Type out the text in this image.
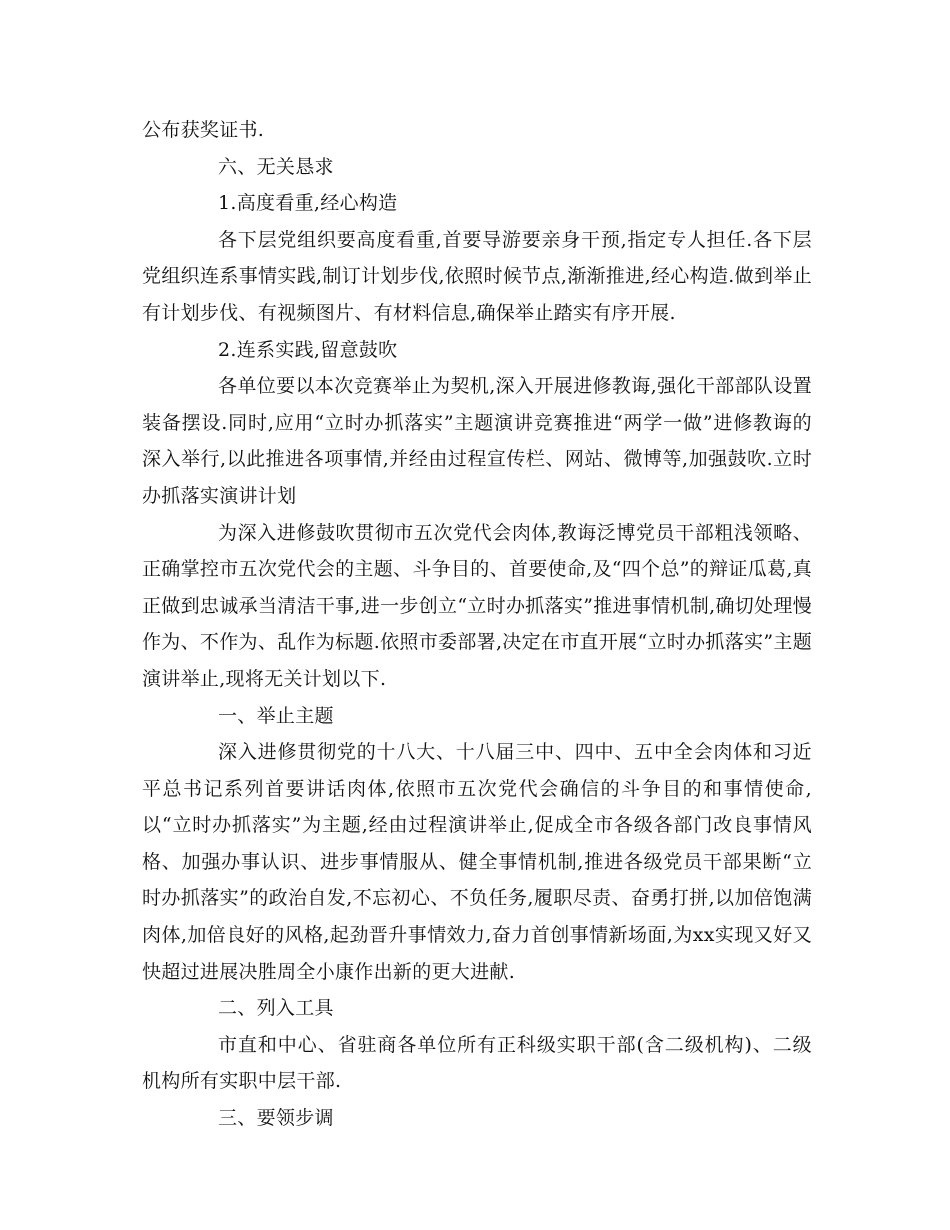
公布获奖证书.

六、无关恳求

1.高度看重,经心构造

各下层党组织要高度看重,首要导游要亲身干预,指定专人担任.各下层党组织连系事情实践,制订计划步伐,依照时候节点,渐渐推进,经心构造.做到举止有计划步伐、有视频图片、有材料信息,确保举止踏实有序开展.

2.连系实践,留意鼓吹

各单位要以本次竞赛举止为契机,深入开展进修教诲,强化干部部队设置装备摆设.同时,应用“立时办抓落实”主题演讲竞赛推进“两学一做”进修教诲的深入举行,以此推进各项事情,并经由过程宣传栏、网站、微博等,加强鼓吹.立时办抓落实演讲计划

为深入进修鼓吹贯彻市五次党代会肉体,教诲泛博党员干部粗浅领略、正确掌控市五次党代会的主题、斗争目的、首要使命,及“四个总”的辩证瓜葛,真正做到忠诚承当清洁干事,进一步创立“立时办抓落实”推进事情机制,确切处理慢作为、不作为、乱作为标题.依照市委部署,决定在市直开展“立时办抓落实”主题演讲举止,现将无关计划以下.

一、举止主题

深入进修贯彻党的十八大、十八届三中、四中、五中全会肉体和习近平总书记系列首要讲话肉体,依照市五次党代会确信的斗争目的和事情使命,以“立时办抓落实”为主题,经由过程演讲举止,促成全市各级各部门改良事情风格、加强办事认识、进步事情服从、健全事情机制,推进各级党员干部果断“立时办抓落实”的政治自发,不忘初心、不负任务,履职尽责、奋勇打拼,以加倍饱满肉体,加倍良好的风格,起劲晋升事情效力,奋力首创事情新场面,为xx实现又好又快超过进展决胜周全小康作出新的更大进献.

二、列入工具

市直和中心、省驻商各单位所有正科级实职干部(含二级机构)、二级机构所有实职中层干部.

三、要领步调
